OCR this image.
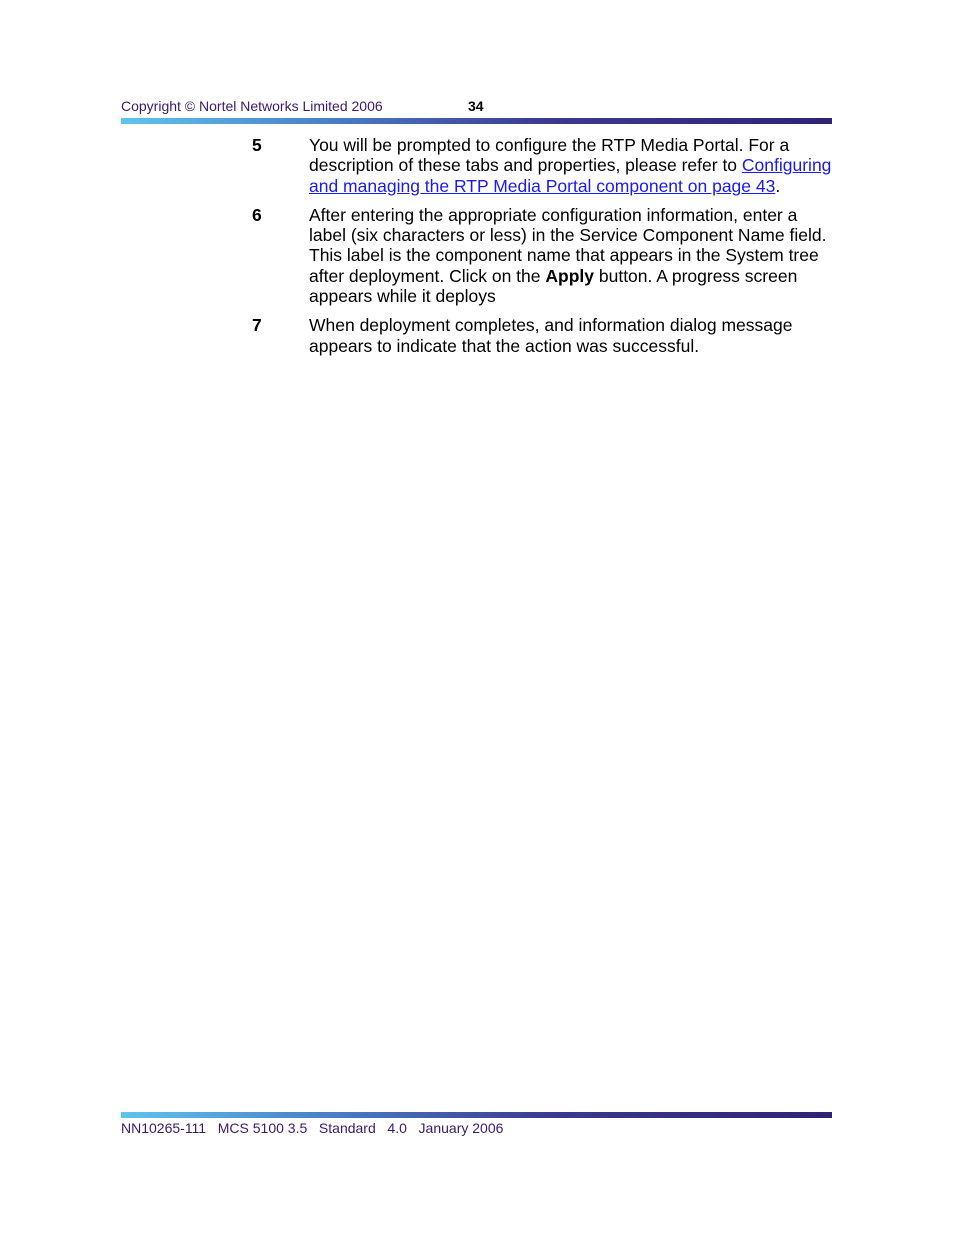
Copyright © Nortel Networks Limited 2006	34
5	You will be prompted to configure the RTP Media Portal. For a description of these tabs and properties, please refer to Configuring and managing the RTP Media Portal component on page 43.
6	After entering the appropriate configuration information, enter a label (six characters or less) in the Service Component Name field. This label is the component name that appears in the System tree after deployment. Click on the Apply button. A progress screen appears while it deploys
7	When deployment completes, and information dialog message appears to indicate that the action was successful.
NN10265-111   MCS 5100 3.5   Standard   4.0   January 2006
